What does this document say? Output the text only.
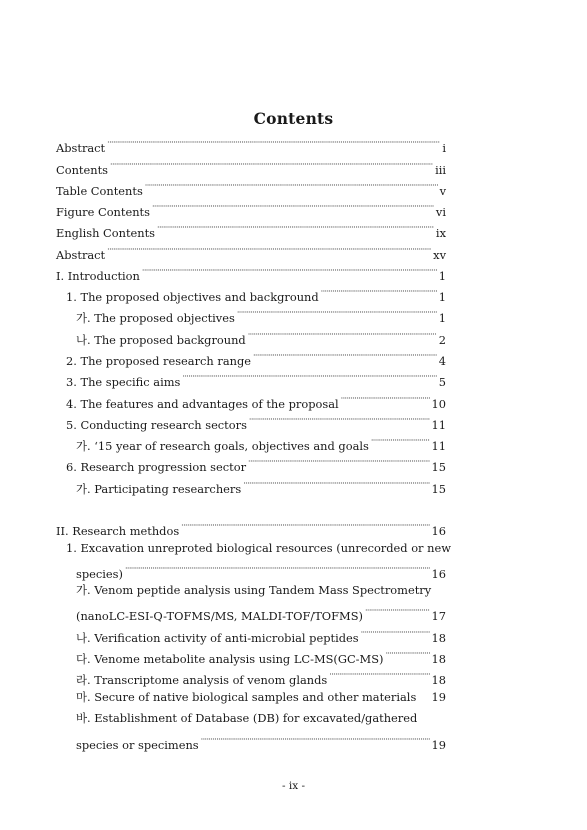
Contents
Abstract ·····	i
Contents ·····	iii
Table Contents ·····	v
Figure Contents ·····	vi
English Contents ·····	ix
Abstract ·····	xv
I. Introduction ·····	1
1. The proposed objectives and background ·····	1
가. The proposed objectives ·····	1
나. The proposed background ·····	2
2. The proposed research range ·····	4
3. The specific aims ·····	5
4. The features and advantages of the proposal ·····	10
5. Conducting research sectors ·····	11
가. ‘15 year of research goals, objectives and goals ·····	11
6. Research progression sector ·····	15
가. Participating researchers ·····	15
II. Research methdos ·····	16
1. Excavation unreproted biological resources (unrecorded or new
species) ·····	16
가. Venom peptide analysis using Tandem Mass Spectrometry
(nanoLC-ESI-Q-TOFMS/MS, MALDI-TOF/TOFMS) ·····	17
나. Verification activity of anti-microbial peptides ·····	18
다. Venome metabolite analysis using LC-MS(GC-MS) ·····	18
라. Transcriptome analysis of venom glands ·····	18
마. Secure of native biological samples and other materials 19
바. Establishment of Database (DB) for excavated/gathered
species or specimens ·····	19
- ix -
